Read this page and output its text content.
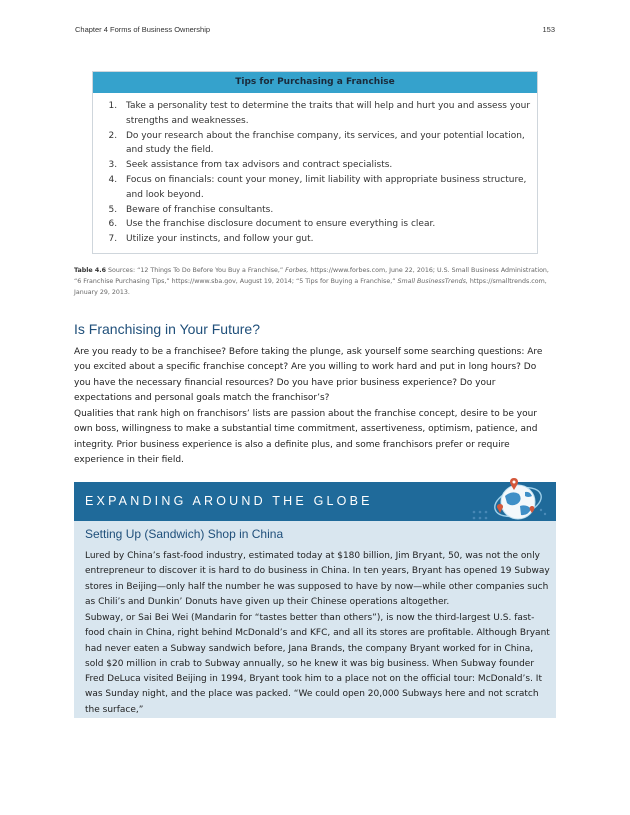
Chapter 4 Forms of Business Ownership	153
Tips for Purchasing a Franchise
1. Take a personality test to determine the traits that will help and hurt you and assess your strengths and weaknesses.
2. Do your research about the franchise company, its services, and your potential location, and study the field.
3. Seek assistance from tax advisors and contract specialists.
4. Focus on financials: count your money, limit liability with appropriate business structure, and look beyond.
5. Beware of franchise consultants.
6. Use the franchise disclosure document to ensure everything is clear.
7. Utilize your instincts, and follow your gut.
Table 4.6 Sources: “12 Things To Do Before You Buy a Franchise,” Forbes, https://www.forbes.com, June 22, 2016; U.S. Small Business Administration, “6 Franchise Purchasing Tips,” https://www.sba.gov, August 19, 2014; “5 Tips for Buying a Franchise,” Small BusinessTrends, https://smalltrends.com, January 29, 2013.
Is Franchising in Your Future?

Are you ready to be a franchisee? Before taking the plunge, ask yourself some searching questions: Are you excited about a specific franchise concept? Are you willing to work hard and put in long hours? Do you have the necessary financial resources? Do you have prior business experience? Do your expectations and personal goals match the franchisor’s?

Qualities that rank high on franchisors’ lists are passion about the franchise concept, desire to be your own boss, willingness to make a substantial time commitment, assertiveness, optimism, patience, and integrity. Prior business experience is also a definite plus, and some franchisors prefer or require experience in their field.

EXPANDING AROUND THE GLOBE
Setting Up (Sandwich) Shop in China

Lured by China’s fast-food industry, estimated today at $180 billion, Jim Bryant, 50, was not the only entrepreneur to discover it is hard to do business in China. In ten years, Bryant has opened 19 Subway stores in Beijing—only half the number he was supposed to have by now—while other companies such as Chili’s and Dunkin’ Donuts have given up their Chinese operations altogether.

Subway, or Sai Bei Wei (Mandarin for “tastes better than others”), is now the third-largest U.S. fast-food chain in China, right behind McDonald’s and KFC, and all its stores are profitable. Although Bryant had never eaten a Subway sandwich before, Jana Brands, the company Bryant worked for in China, sold $20 million in crab to Subway annually, so he knew it was big business. When Subway founder Fred DeLuca visited Beijing in 1994, Bryant took him to a place not on the official tour: McDonald’s. It was Sunday night, and the place was packed. “We could open 20,000 Subways here and not scratch the surface,”
